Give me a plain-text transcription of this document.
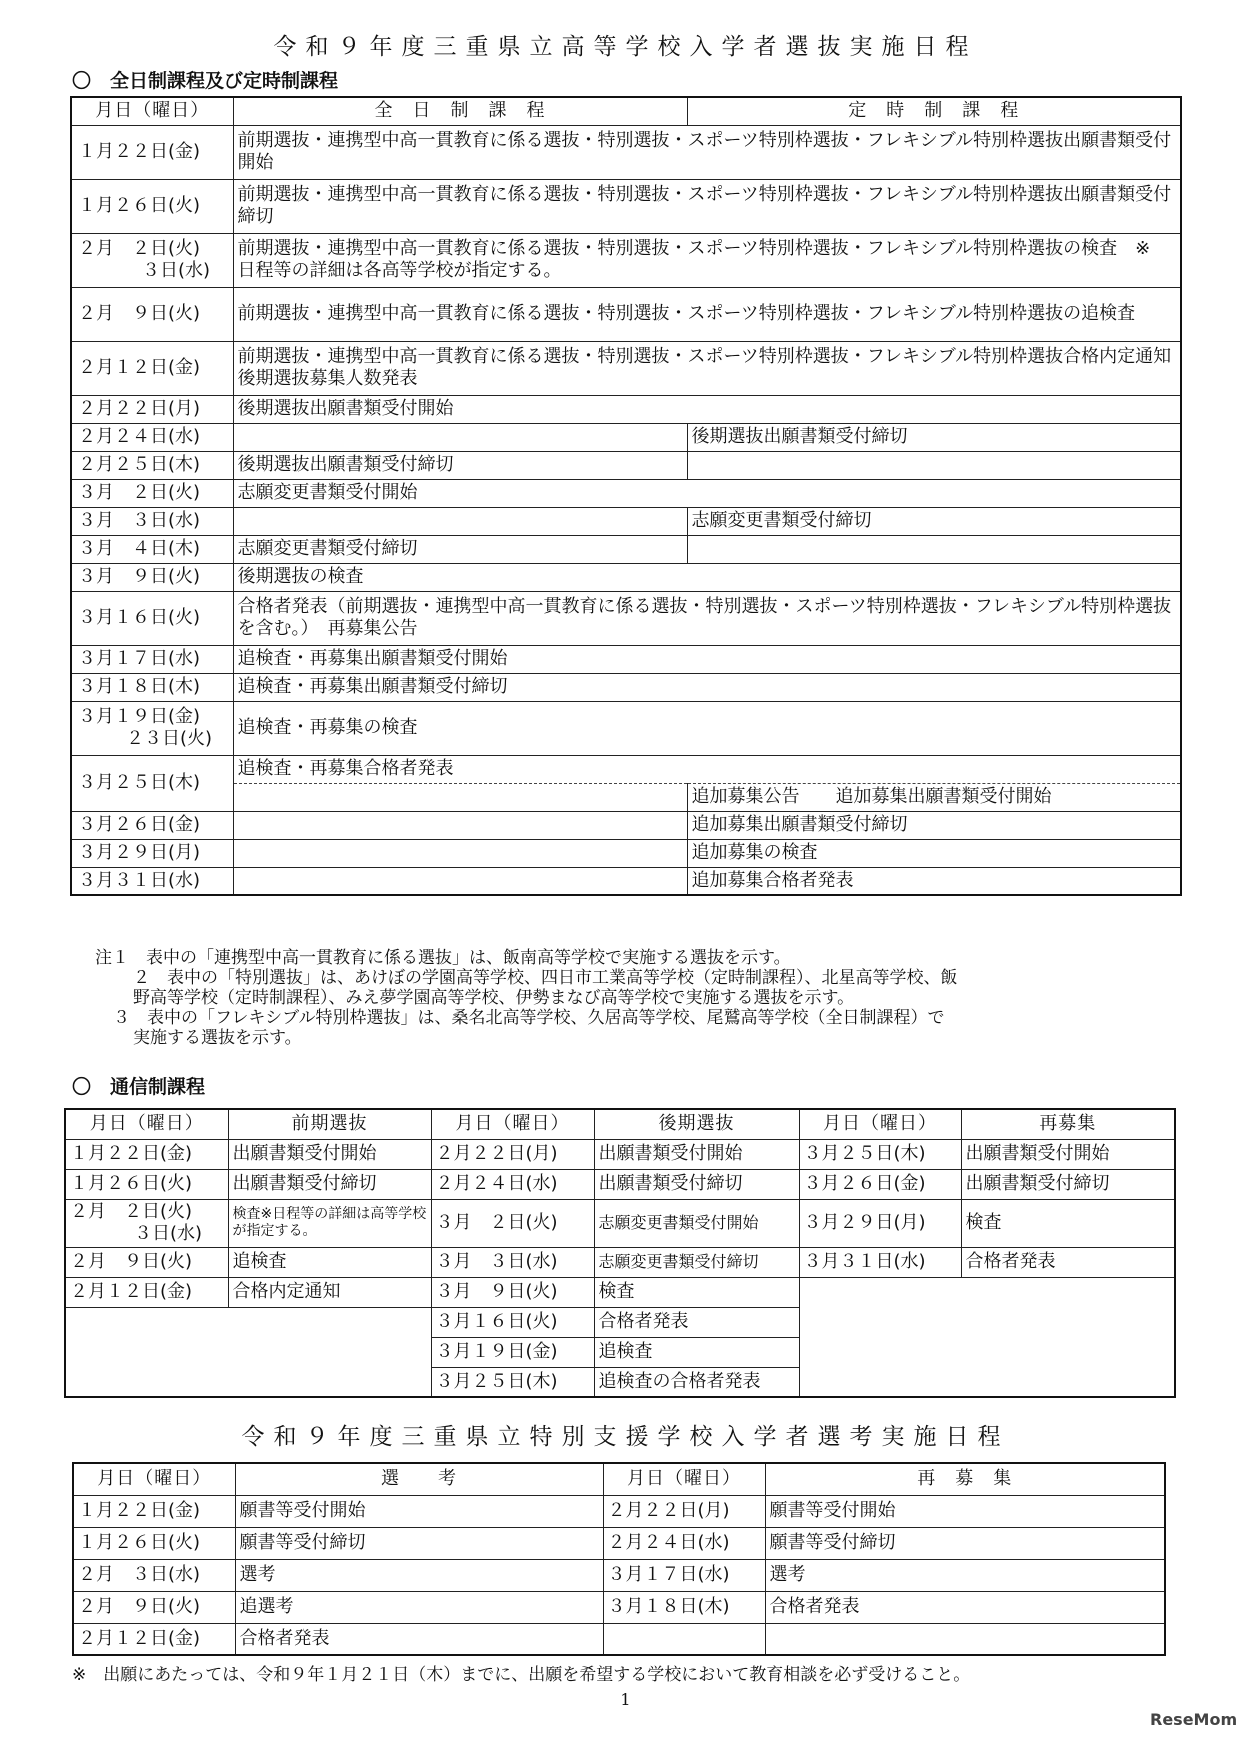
令和９年度三重県立高等学校入学者選抜実施日程
〇　全日制課程及び定時制課程
月日（曜日）	全　日　制　課　程	定　時　制　課　程
１月２２日(金)	前期選抜・連携型中高一貫教育に係る選抜・特別選抜・スポーツ特別枠選抜・フレキシブル特別枠選抜出願書類受付開始	
１月２６日(火)	前期選抜・連携型中高一貫教育に係る選抜・特別選抜・スポーツ特別枠選抜・フレキシブル特別枠選抜出願書類受付締切	

２月　２日(火)
３日(水)	前期選抜・連携型中高一貫教育に係る選抜・特別選抜・スポーツ特別枠選抜・フレキシブル特別枠選抜の検査　※　日程等の詳細は各高等学校が指定する。	
２月　９日(火)	前期選抜・連携型中高一貫教育に係る選抜・特別選抜・スポーツ特別枠選抜・フレキシブル特別枠選抜の追検査	
２月１２日(金)	前期選抜・連携型中高一貫教育に係る選抜・特別選抜・スポーツ特別枠選抜・フレキシブル特別枠選抜合格内定通知　後期選抜募集人数発表	
２月２２日(月)	後期選抜出願書類受付開始	
２月２４日(水)		後期選抜出願書類受付締切
２月２５日(木)	後期選抜出願書類受付締切	
３月　２日(火)	志願変更書類受付開始	
３月　３日(水)		志願変更書類受付締切
３月　４日(木)	志願変更書類受付締切	
３月　９日(火)	後期選抜の検査	
３月１６日(火)	合格者発表（前期選抜・連携型中高一貫教育に係る選抜・特別選抜・スポーツ特別枠選抜・フレキシブル特別枠選抜を含む。）　再募集公告	
３月１７日(水)	追検査・再募集出願書類受付開始	
３月１８日(木)	追検査・再募集出願書類受付締切	

３月１９日(金)
２３日(火)	追検査・再募集の検査	
３月２５日(木)	追検査・再募集合格者発表	
		追加募集公告　　追加募集出願書類受付開始
３月２６日(金)		追加募集出願書類受付締切
３月２９日(月)		追加募集の検査
３月３１日(水)		追加募集合格者発表

注１　表中の「連携型中高一貫教育に係る選抜」は、飯南高等学校で実施する選抜を示す。

２　表中の「特別選抜」は、あけぼの学園高等学校、四日市工業高等学校（定時制課程）、北星高等学校、飯

野高等学校（定時制課程）、みえ夢学園高等学校、伊勢まなび高等学校で実施する選抜を示す。

３　表中の「フレキシブル特別枠選抜」は、桑名北高等学校、久居高等学校、尾鷲高等学校（全日制課程）で

実施する選抜を示す。

〇　通信制課程
月日（曜日）	前期選抜	月日（曜日）	後期選抜	月日（曜日）	再募集
１月２２日(金)	出願書類受付開始	２月２２日(月)	出願書類受付開始	３月２５日(木)	出願書類受付開始
１月２６日(火)	出願書類受付締切	２月２４日(水)	出願書類受付締切	３月２６日(金)	出願書類受付締切

２月　２日(火)
３日(水)	検査※日程等の詳細は高等学校が指定する。	３月　２日(火)	志願変更書類受付開始	３月２９日(月)	検査
２月　９日(火)	追検査	３月　３日(水)	志願変更書類受付締切	３月３１日(水)	合格者発表
２月１２日(金)	合格内定通知	３月　９日(火)	検査		
		３月１６日(火)	合格者発表		
		３月１９日(金)	追検査		
		３月２５日(木)	追検査の合格者発表		
令和９年度三重県立特別支援学校入学者選考実施日程
月日（曜日）	選　　考	月日（曜日）	再　募　集
１月２２日(金)	願書等受付開始	２月２２日(月)	願書等受付開始
１月２６日(火)	願書等受付締切	２月２４日(水)	願書等受付締切
２月　３日(水)	選考	３月１７日(水)	選考
２月　９日(火)	追選考	３月１８日(木)	合格者発表
２月１２日(金)	合格者発表		
※　出願にあたっては、令和９年１月２１日（木）までに、出願を希望する学校において教育相談を必ず受けること。
1
ReseMom
